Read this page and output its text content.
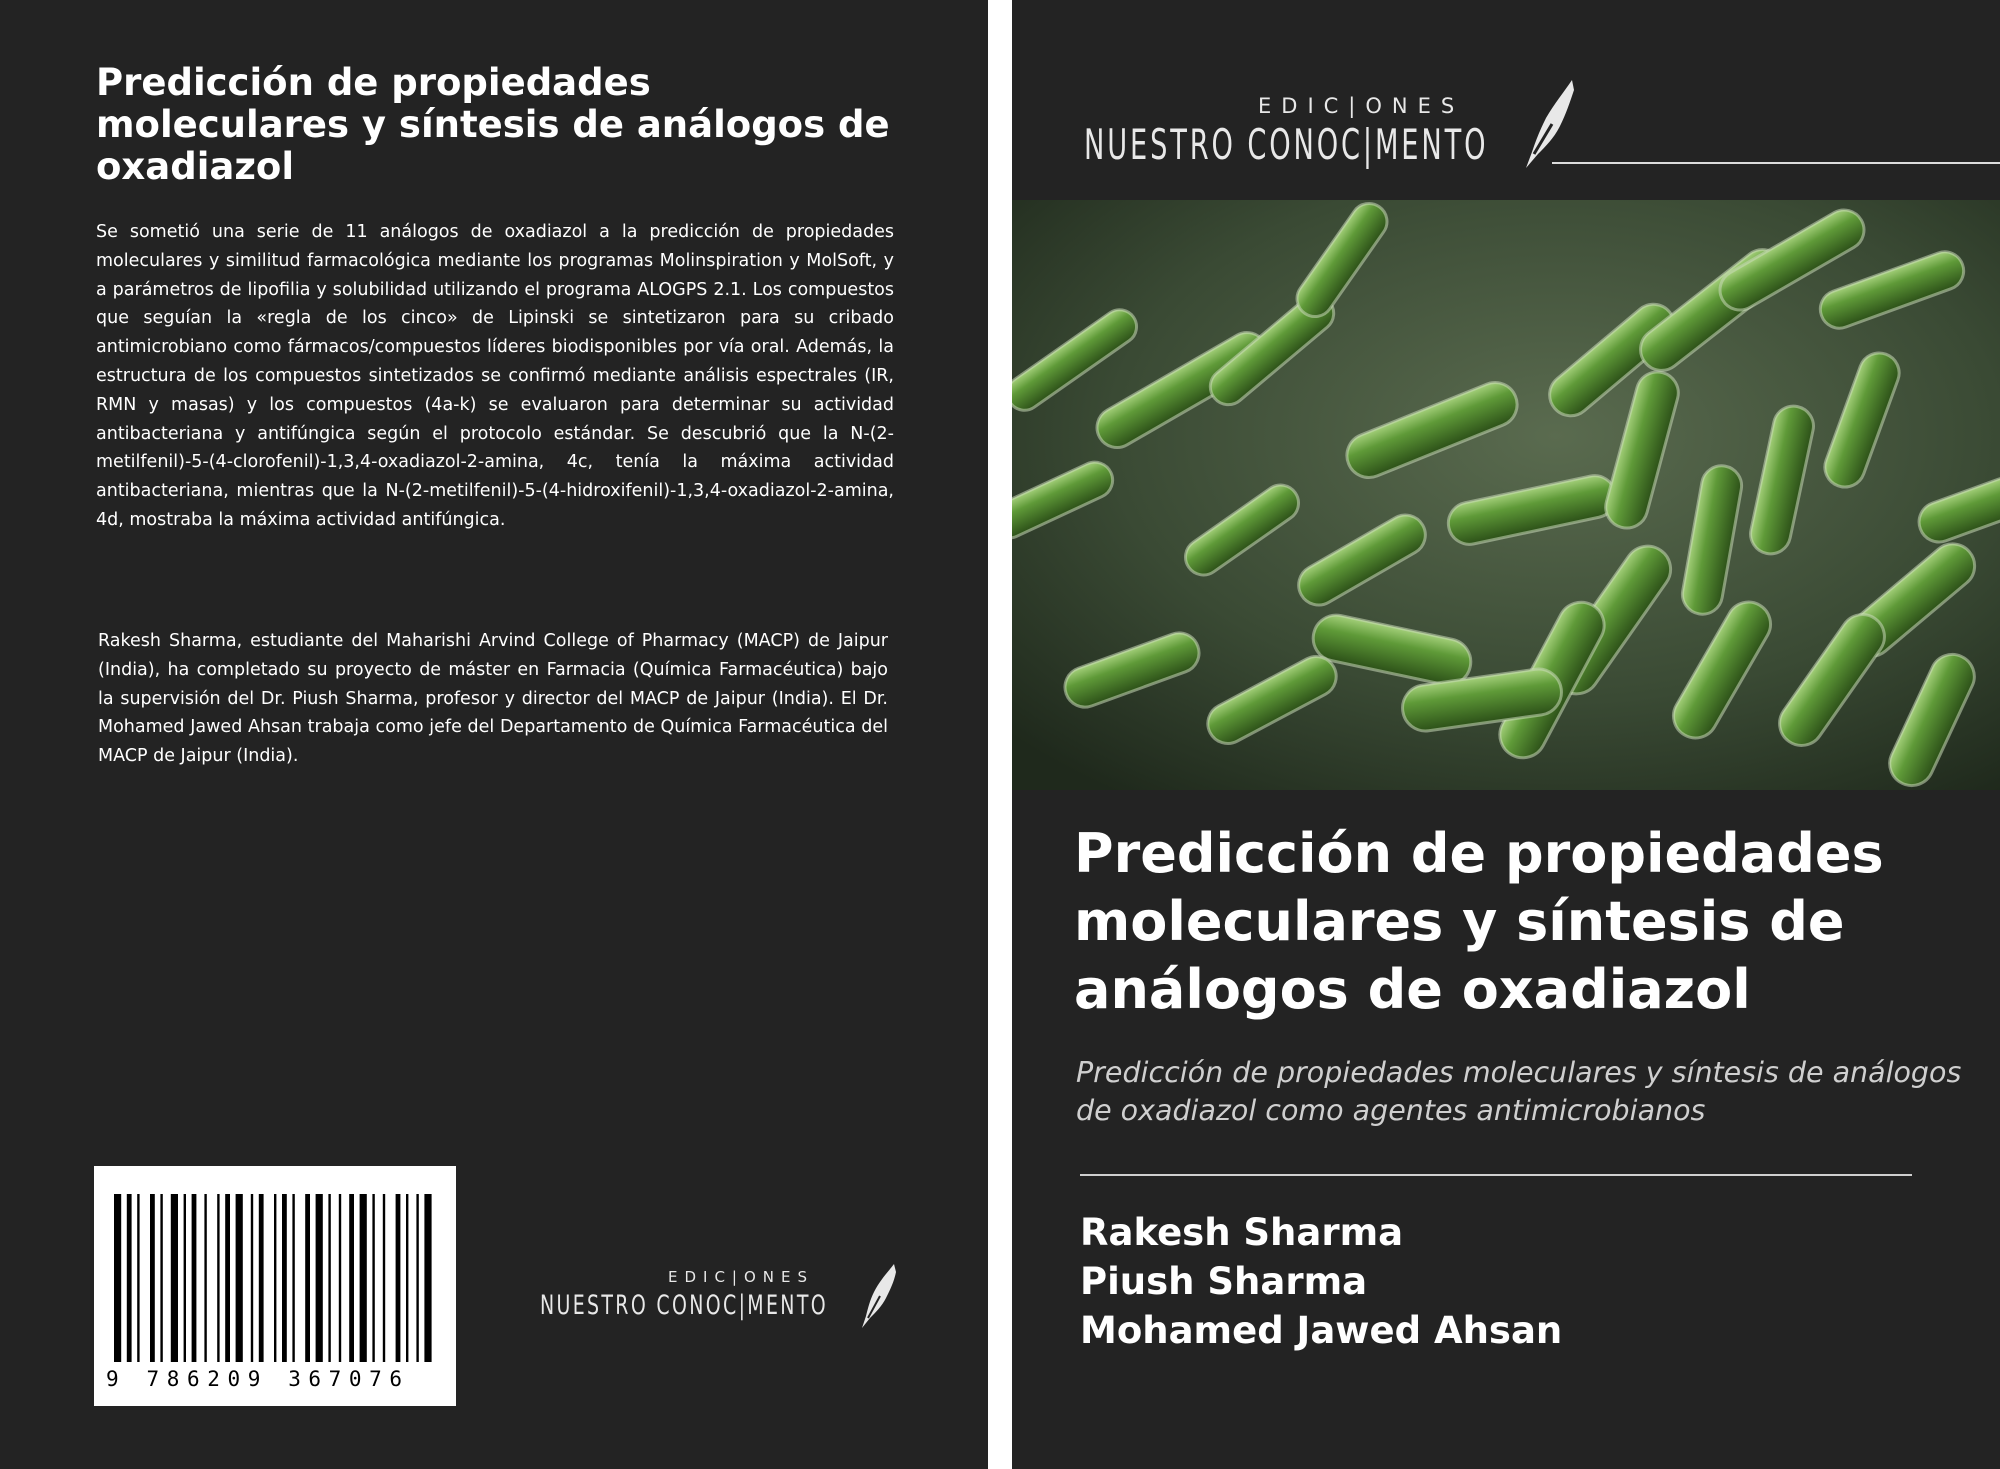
Predicción de propiedades moleculares y síntesis de análogos de oxadiazol

Se sometió una serie de 11 análogos de oxadiazol a la predicción de propiedades moleculares y similitud farmacológica mediante los programas Molinspiration y MolSoft, y a parámetros de lipofilia y solubilidad utilizando el programa ALOGPS 2.1. Los compuestos que seguían la «regla de los cinco» de Lipinski se sintetizaron para su cribado antimicrobiano como fármacos/compuestos líderes biodisponibles por vía oral. Además, la estructura de los compuestos sintetizados se confirmó mediante análisis espectrales (IR, RMN y masas) y los compuestos (4a-k) se evaluaron para determinar su actividad antibacteriana y antifúngica según el protocolo estándar. Se descubrió que la N-(2-metilfenil)-5-(4-clorofenil)-1,3,4-oxadiazol-2-amina, 4c, tenía la máxima actividad antibacteriana, mientras que la N-(2-metilfenil)-5-(4-hidroxifenil)-1,3,4-oxadiazol-2-amina, 4d, mostraba la máxima actividad antifúngica.

Rakesh Sharma, estudiante del Maharishi Arvind College of Pharmacy (MACP) de Jaipur (India), ha completado su proyecto de máster en Farmacia (Química Farmacéutica) bajo la supervisión del Dr. Piush Sharma, profesor y director del MACP de Jaipur (India). El Dr. Mohamed Jawed Ahsan trabaja como jefe del Departamento de Química Farmacéutica del MACP de Jaipur (India).

9 786209 367076
EDIC|ONES
NUESTRO CONOC|MENTO
EDIC|ONES
NUESTRO CONOC|MENTO
Predicción de propiedades moleculares y síntesis de análogos de oxadiazol

Predicción de propiedades moleculares y síntesis de análogos de oxadiazol como agentes antimicrobianos

Rakesh Sharma
Piush Sharma
Mohamed Jawed Ahsan
